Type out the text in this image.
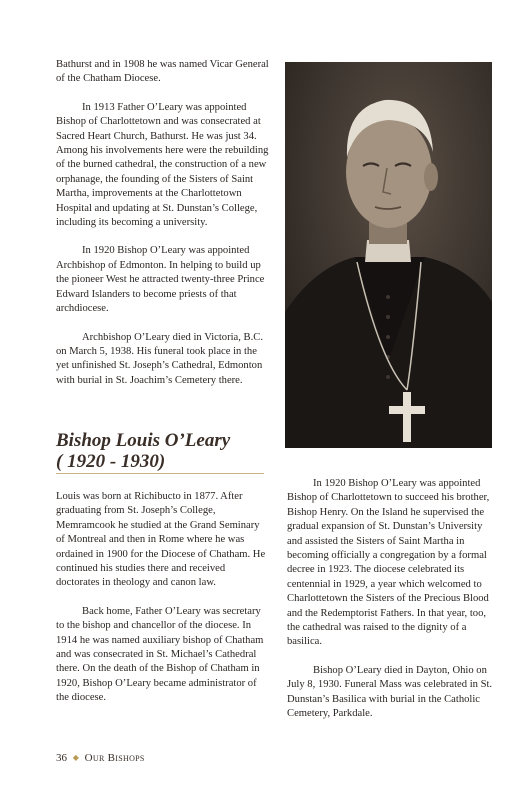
Bathurst and in 1908 he was named Vicar General of the Chatham Diocese.

In 1913 Father O’Leary was appointed Bishop of Charlottetown and was consecrated at Sacred Heart Church, Bathurst. He was just 34. Among his involvements here were the rebuilding of the burned cathedral, the construction of a new orphanage, the founding of the Sisters of Saint Martha, improvements at the Charlottetown Hospital and updating at St. Dunstan’s College, including its becoming a university.

In 1920 Bishop O’Leary was appointed Archbishop of Edmonton. In helping to build up the pioneer West he attracted twenty-three Prince Edward Islanders to become priests of that archdiocese.

Archbishop O’Leary died in Victoria, B.C. on March 5, 1938. His funeral took place in the yet unfinished St. Joseph’s Cathedral, Edmonton with burial in St. Joachim’s Cemetery there.

Bishop Louis O’Leary
( 1920 - 1930)

Louis was born at Richibucto in 1877. After graduating from St. Joseph’s College, Memramcook he studied at the Grand Seminary of Montreal and then in Rome where he was ordained in 1900 for the Diocese of Chatham. He continued his studies there and received doctorates in theology and canon law.

Back home, Father O’Leary was secretary to the bishop and chancellor of the diocese. In 1914 he was named auxiliary bishop of Chatham and was consecrated in St. Michael’s Cathedral there. On the death of the Bishop of Chatham in 1920, Bishop O’Leary became administrator of the diocese.

In 1920 Bishop O’Leary was appointed Bishop of Charlottetown to succeed his brother, Bishop Henry. On the Island he supervised the gradual expansion of St. Dunstan’s University and assisted the Sisters of Saint Martha in becoming officially a congregation by a formal decree in 1923. The diocese celebrated its centennial in 1929, a year which welcomed to Charlottetown the Sisters of the Precious Blood and the Redemptorist Fathers. In that year, too, the cathedral was raised to the dignity of a basilica.

Bishop O’Leary died in Dayton, Ohio on July 8, 1930. Funeral Mass was celebrated in St. Dunstan’s Basilica with burial in the Catholic Cemetery, Parkdale.

36 ◆ Our Bishops
